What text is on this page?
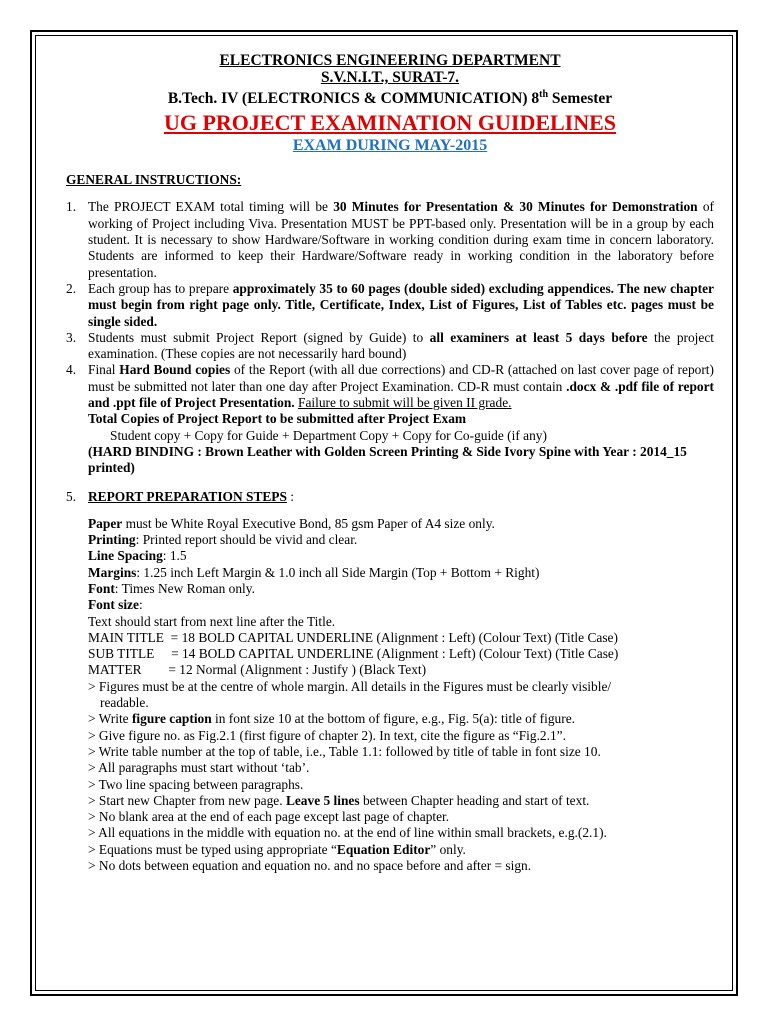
ELECTRONICS ENGINEERING DEPARTMENT
S.V.N.I.T., SURAT-7.
B.Tech. IV (ELECTRONICS & COMMUNICATION) 8th Semester
UG PROJECT EXAMINATION GUIDELINES
EXAM DURING MAY-2015
GENERAL INSTRUCTIONS:
1. The PROJECT EXAM total timing will be 30 Minutes for Presentation & 30 Minutes for Demonstration of working of Project including Viva. Presentation MUST be PPT-based only. Presentation will be in a group by each student. It is necessary to show Hardware/Software in working condition during exam time in concern laboratory. Students are informed to keep their Hardware/Software ready in working condition in the laboratory before presentation.
2. Each group has to prepare approximately 35 to 60 pages (double sided) excluding appendices. The new chapter must begin from right page only. Title, Certificate, Index, List of Figures, List of Tables etc. pages must be single sided.
3. Students must submit Project Report (signed by Guide) to all examiners at least 5 days before the project examination. (These copies are not necessarily hard bound)
4. Final Hard Bound copies of the Report (with all due corrections) and CD-R (attached on last cover page of report) must be submitted not later than one day after Project Examination. CD-R must contain .docx & .pdf file of report and .ppt file of Project Presentation. Failure to submit will be given II grade.
Total Copies of Project Report to be submitted after Project Exam
Student copy + Copy for Guide + Department Copy + Copy for Co-guide (if any)
(HARD BINDING : Brown Leather with Golden Screen Printing & Side Ivory Spine with Year : 2014_15 printed)
5. REPORT PREPARATION STEPS :
Paper must be White Royal Executive Bond, 85 gsm Paper of A4 size only.
Printing: Printed report should be vivid and clear.
Line Spacing: 1.5
Margins: 1.25 inch Left Margin & 1.0 inch all Side Margin (Top + Bottom + Right)
Font: Times New Roman only.
Font size:
Text should start from next line after the Title.
MAIN TITLE  = 18 BOLD CAPITAL UNDERLINE (Alignment : Left) (Colour Text) (Title Case)
SUB TITLE     = 14 BOLD CAPITAL UNDERLINE (Alignment : Left) (Colour Text) (Title Case)
MATTER        = 12 Normal (Alignment : Justify ) (Black Text)
> Figures must be at the centre of whole margin. All details in the Figures must be clearly visible/
readable.
> Write figure caption in font size 10 at the bottom of figure, e.g., Fig. 5(a): title of figure.
> Give figure no. as Fig.2.1 (first figure of chapter 2). In text, cite the figure as “Fig.2.1”.
> Write table number at the top of table, i.e., Table 1.1: followed by title of table in font size 10.
> All paragraphs must start without ‘tab’.
> Two line spacing between paragraphs.
> Start new Chapter from new page. Leave 5 lines between Chapter heading and start of text.
> No blank area at the end of each page except last page of chapter.
> All equations in the middle with equation no. at the end of line within small brackets, e.g.(2.1).
> Equations must be typed using appropriate “Equation Editor” only.
> No dots between equation and equation no. and no space before and after = sign.
